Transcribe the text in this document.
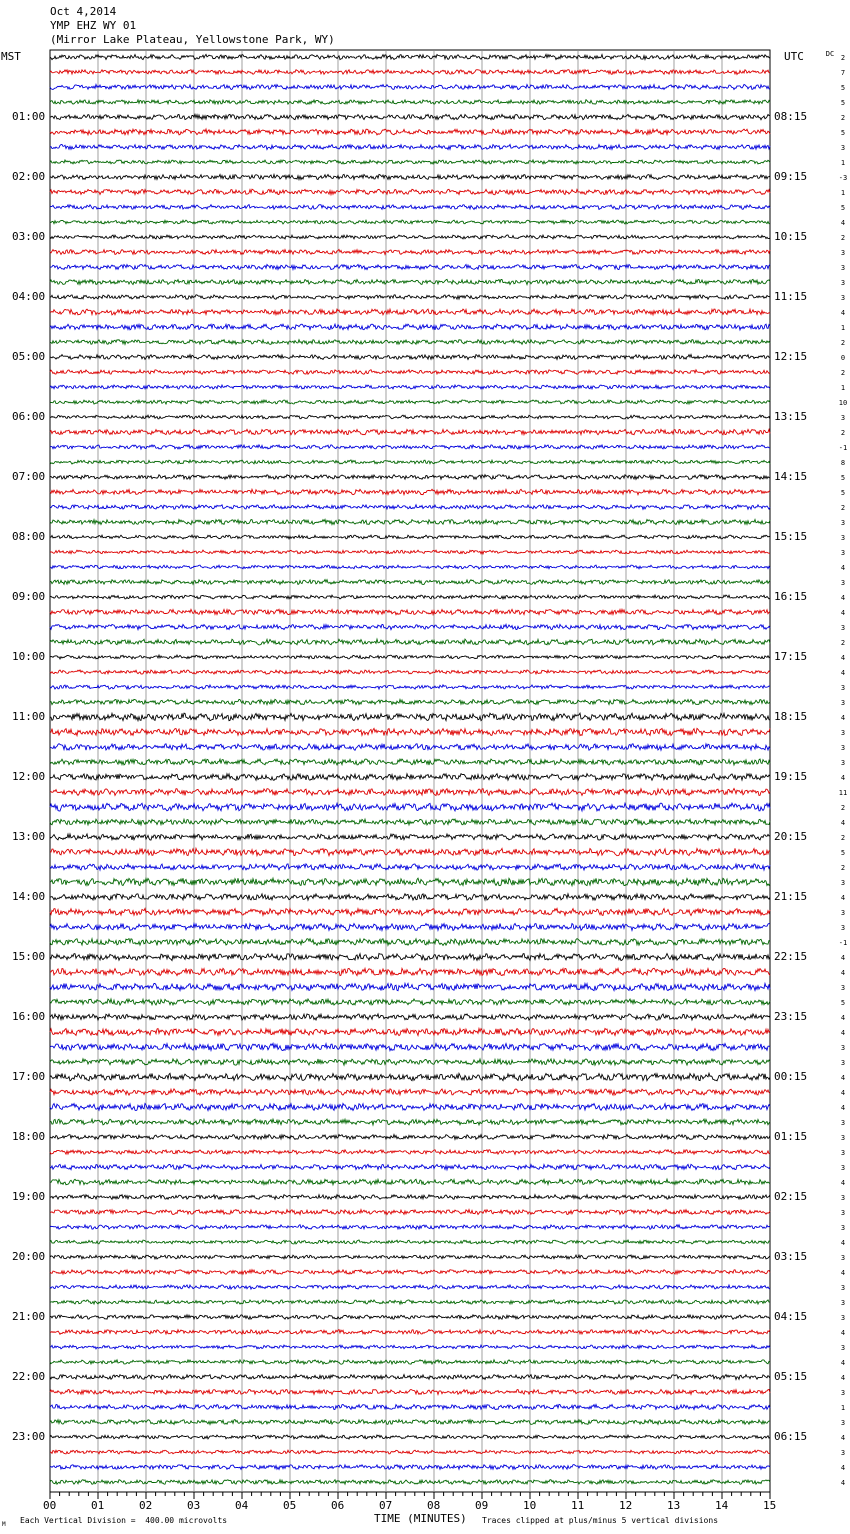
Oct 4,2014
YMP EHZ WY 01
(Mirror Lake Plateau, Yellowstone Park, WY)
MST	UTC	DC
01:00
02:00
03:00
04:00
05:00
06:00
07:00
08:00
09:00
10:00
11:00
12:00
13:00
14:00
15:00
16:00
17:00
18:00
19:00
20:00
21:00
22:00
23:00
08:15
09:15
10:15
11:15
12:15
13:15
14:15
15:15
16:15
17:15
18:15
19:15
20:15
21:15
22:15
23:15
00:15
01:15
02:15
03:15
04:15
05:15
06:15
2
7
5
5
2
5
3
1
-3
1
5
4
2
3
3
3
3
4
1
2
0
2
1
10
3
2
-1
8
5
5
2
3
3
3
4
3
4
4
3
2
4
4
3
3
4
3
3
3
4
11
2
4
2
5
2
3
4
3
3
-1
4
4
3
5
4
4
3
3
4
4
4
3
3
3
3
4
3
3
3
4
3
4
3
3
3
4
3
4
4
3
1
3
4
3
4
4
00	01	02	03	04	05	06	07	08	09	10	11	12	13	14	15
TIME (MINUTES)
Each Vertical Division =  400.00 microvolts	Traces clipped at plus/minus 5 vertical divisions
M
